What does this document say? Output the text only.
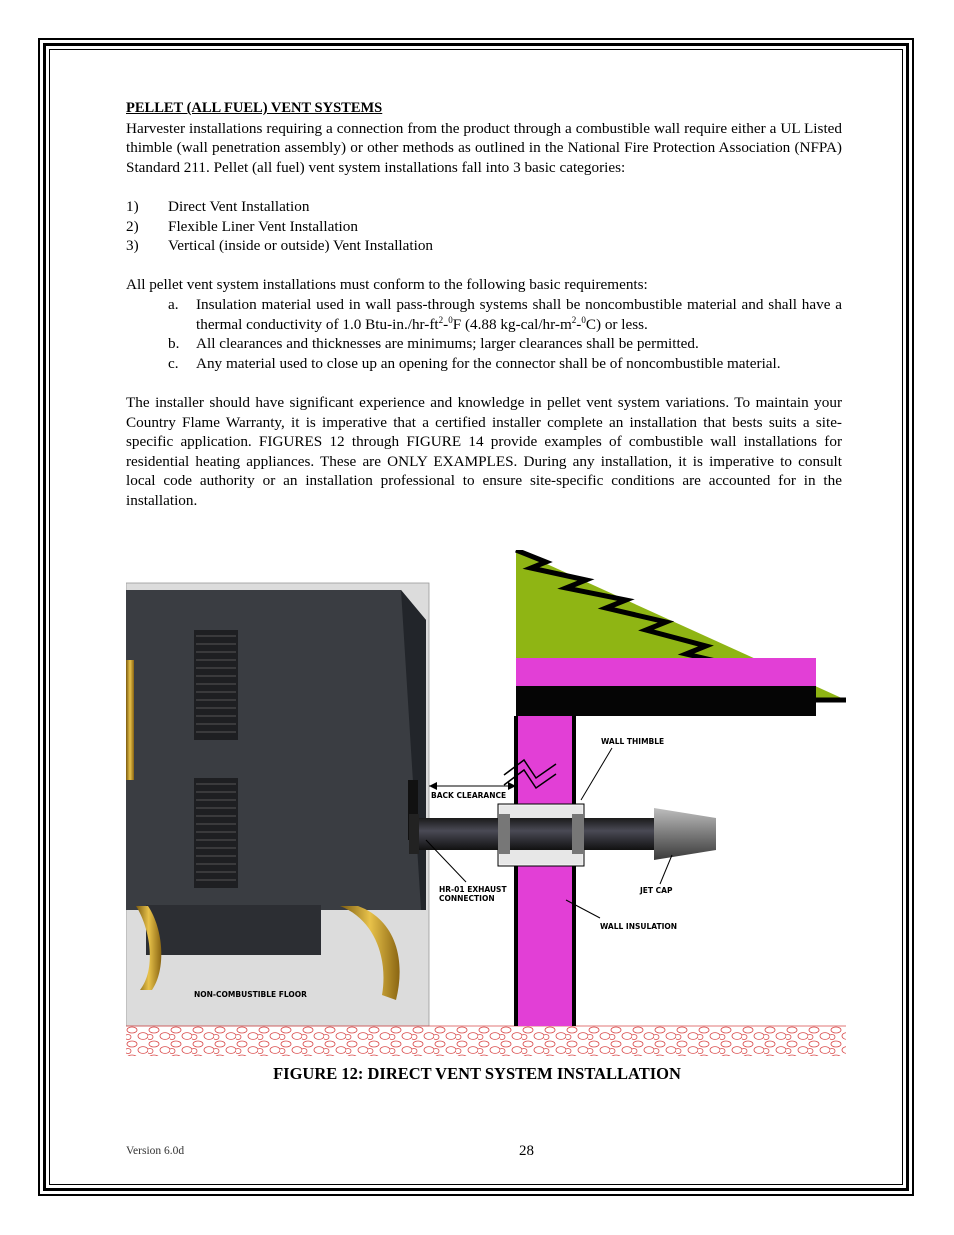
PELLET (ALL FUEL) VENT SYSTEMS

Harvester installations requiring a connection from the product through a combustible wall require either a UL Listed thimble (wall penetration assembly) or other methods as outlined in the National Fire Protection Association (NFPA) Standard 211. Pellet (all fuel) vent system installations fall into 3 basic categories:

1)	Direct Vent Installation
2)	Flexible Liner Vent Installation
3)	Vertical (inside or outside) Vent Installation

All pellet vent system installations must conform to the following basic requirements:

a.	Insulation material used in wall pass-through systems shall be noncombustible material and shall have a thermal conductivity of 1.0 Btu-$in./hr-ft^2-^0F$ (4.88 $kg-cal/hr-m^2-^0C$) or less.
b.	All clearances and thicknesses are minimums; larger clearances shall be permitted.
c.	Any material used to close up an opening for the connector shall be of noncombustible material.

The installer should have significant experience and knowledge in pellet vent system variations. To maintain your Country Flame Warranty, it is imperative that a certified installer complete an installation that bests suits a site-specific application. FIGURES 12 through FIGURE 14 provide examples of combustible wall installations for residential heating appliances. These are ONLY EXAMPLES. During any installation, it is imperative to consult local code authority or an installation professional to ensure site-specific conditions are accounted for in the installation.

NON-COMBUSTIBLE FLOOR
WALL THIMBLE
BACK CLEARANCE
HR-01 EXHAUST
CONNECTION
JET CAP
WALL INSULATION
FIGURE 12: DIRECT VENT SYSTEM INSTALLATION
Version 6.0d	28
